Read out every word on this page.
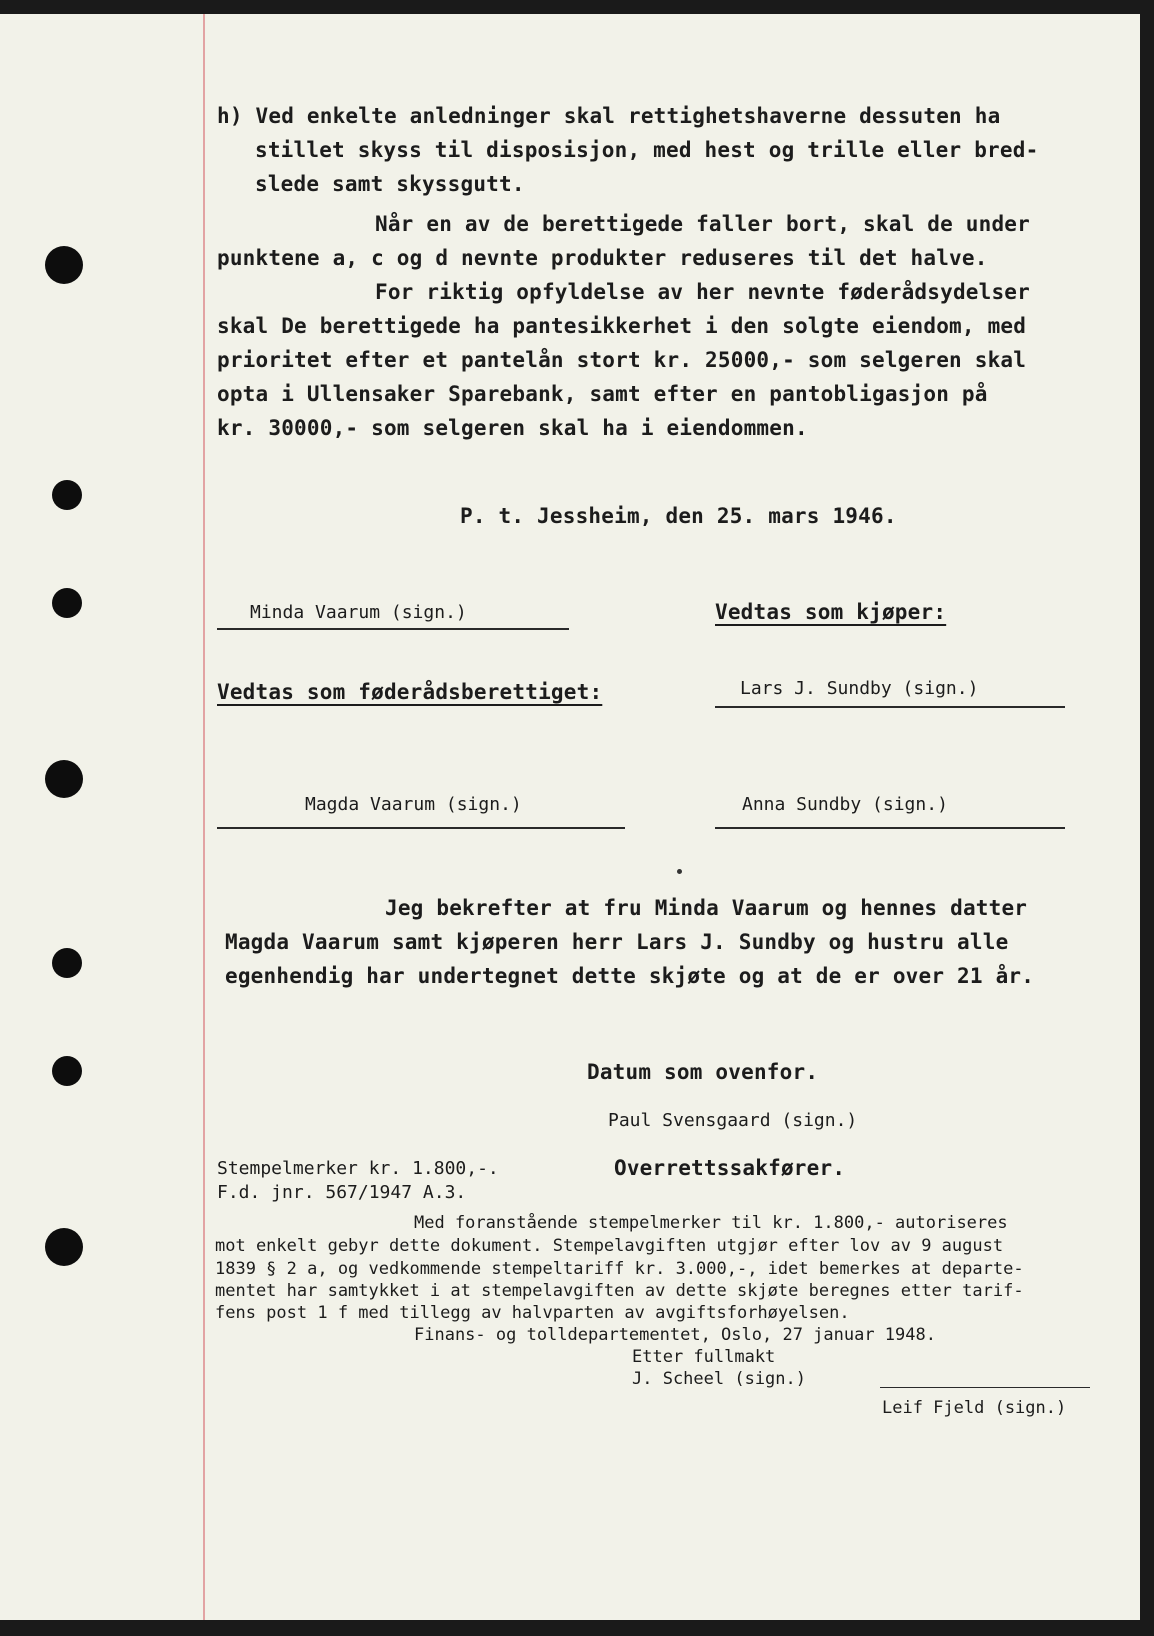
h) Ved enkelte anledninger skal rettighetshaverne dessuten ha
stillet skyss til disposisjon, med hest og trille eller bred-
slede samt skyssgutt.
Når en av de berettigede faller bort, skal de under
punktene a, c og d nevnte produkter reduseres til det halve.
For riktig opfyldelse av her nevnte føderådsydelser
skal De berettigede ha pantesikkerhet i den solgte eiendom, med
prioritet efter et pantelån stort kr. 25000,- som selgeren skal
opta i Ullensaker Sparebank, samt efter en pantobligasjon på
kr. 30000,- som selgeren skal ha i eiendommen.
P. t. Jessheim, den 25. mars 1946.
Minda Vaarum (sign.)	Vedtas som kjøper:
Vedtas som føderådsberettiget:	Lars J. Sundby (sign.)
Magda Vaarum (sign.)	Anna Sundby (sign.)
Jeg bekrefter at fru Minda Vaarum og hennes datter
Magda Vaarum samt kjøperen herr Lars J. Sundby og hustru alle
egenhendig har undertegnet dette skjøte og at de er over 21 år.
Datum som ovenfor.
Paul Svensgaard (sign.)
Overrettssakfører.
Stempelmerker kr. 1.800,-.
F.d. jnr. 567/1947 A.3.
Med foranstående stempelmerker til kr. 1.800,- autoriseres
mot enkelt gebyr dette dokument. Stempelavgiften utgjør efter lov av 9 august
1839 § 2 a, og vedkommende stempeltariff kr. 3.000,-, idet bemerkes at departe-
mentet har samtykket i at stempelavgiften av dette skjøte beregnes etter tarif-
fens post 1 f med tillegg av halvparten av avgiftsforhøyelsen.
Finans- og tolldepartementet, Oslo, 27 januar 1948.
Etter fullmakt
J. Scheel (sign.)
Leif Fjeld (sign.)
